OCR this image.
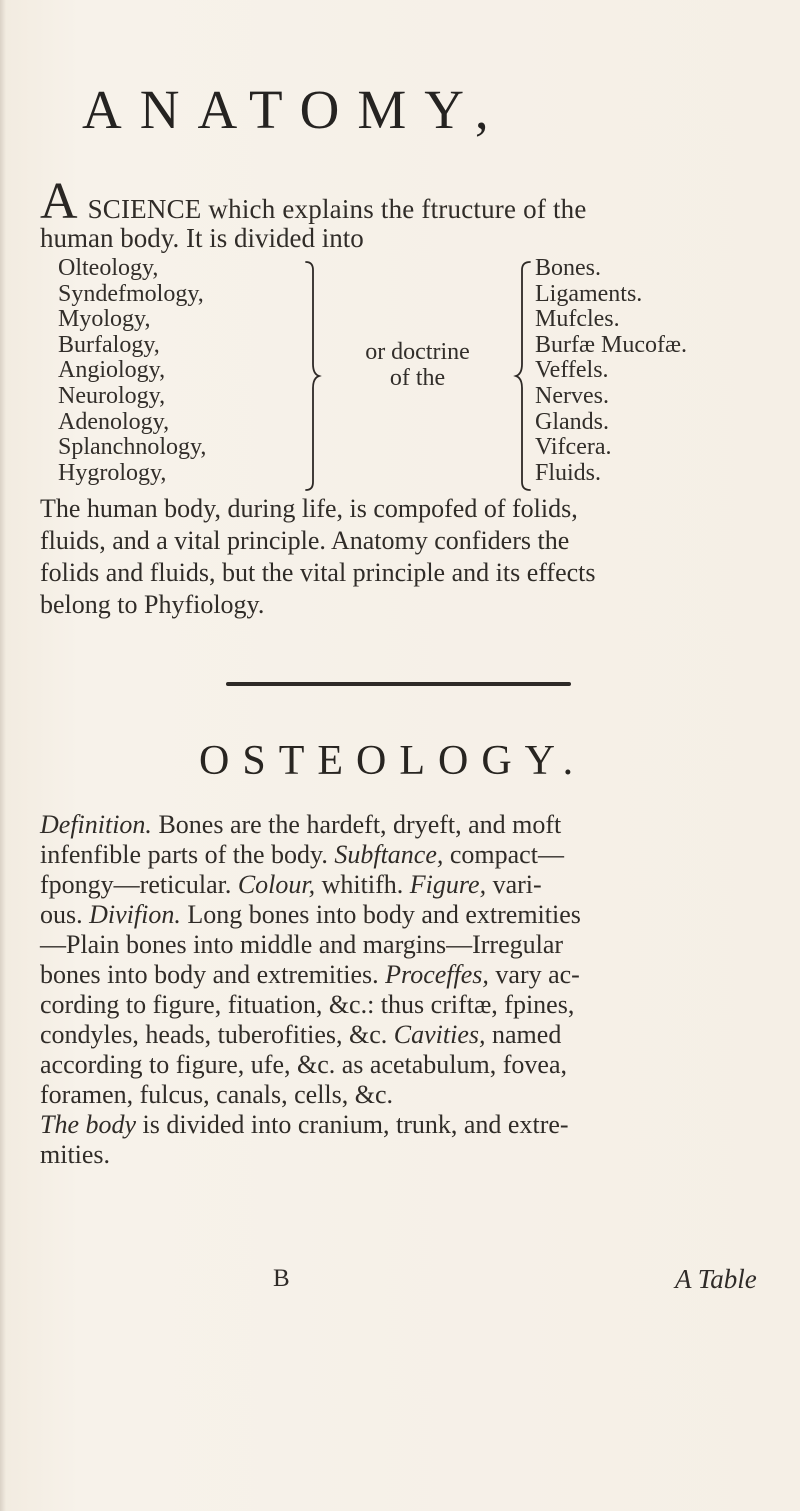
ANATOMY,
ASCIENCE which explains the ftructure of the
human body. It is divided into
Olteology,
Syndefmology,
Myology,
Burfalogy,
Angiology,
Neurology,
Adenology,
Splanchnology,
Hygrology,
or doctrine
of the
Bones.
Ligaments.
Mufcles.
Burfæ Mucofæ.
Veffels.
Nerves.
Glands.
Vifcera.
Fluids.
The human body, during life, is compofed of folids,
fluids, and a vital principle. Anatomy confiders the
folids and fluids, but the vital principle and its effects
belong to Phyfiology.
OSTEOLOGY.
Definition. Bones are the hardeft, dryeft, and moft
infenfible parts of the body. Subftance, compact—
fpongy—reticular. Colour, whitifh. Figure, vari-
ous. Divifion. Long bones into body and extremities
—Plain bones into middle and margins—Irregular
bones into body and extremities. Proceffes, vary ac-
cording to figure, fituation, &c.: thus criftæ, fpines,
condyles, heads, tuberofities, &c. Cavities, named
according to figure, ufe, &c. as acetabulum, fovea,
foramen, fulcus, canals, cells, &c.
The body is divided into cranium, trunk, and extre-
mities.
B	A Table
